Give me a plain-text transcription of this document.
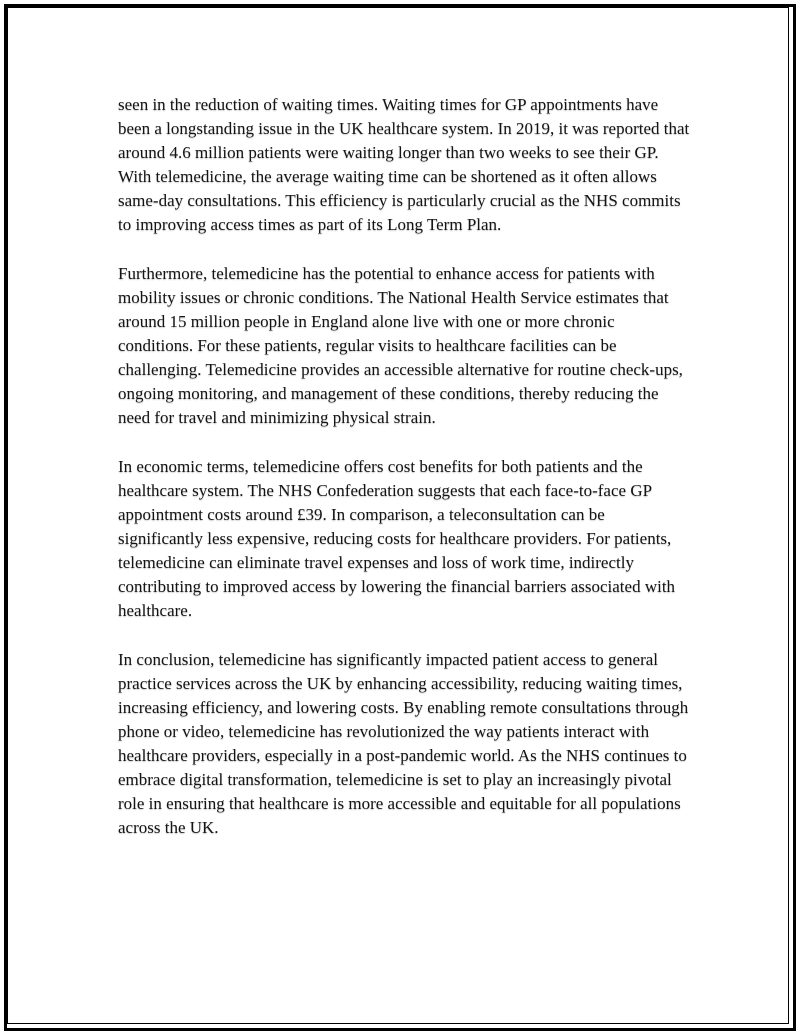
seen in the reduction of waiting times. Waiting times for GP appointments have been a longstanding issue in the UK healthcare system. In 2019, it was reported that around 4.6 million patients were waiting longer than two weeks to see their GP. With telemedicine, the average waiting time can be shortened as it often allows same-day consultations. This efficiency is particularly crucial as the NHS commits to improving access times as part of its Long Term Plan.

Furthermore, telemedicine has the potential to enhance access for patients with mobility issues or chronic conditions. The National Health Service estimates that around 15 million people in England alone live with one or more chronic conditions. For these patients, regular visits to healthcare facilities can be challenging. Telemedicine provides an accessible alternative for routine check-ups, ongoing monitoring, and management of these conditions, thereby reducing the need for travel and minimizing physical strain.

In economic terms, telemedicine offers cost benefits for both patients and the healthcare system. The NHS Confederation suggests that each face-to-face GP appointment costs around £39. In comparison, a teleconsultation can be significantly less expensive, reducing costs for healthcare providers. For patients, telemedicine can eliminate travel expenses and loss of work time, indirectly contributing to improved access by lowering the financial barriers associated with healthcare.

In conclusion, telemedicine has significantly impacted patient access to general practice services across the UK by enhancing accessibility, reducing waiting times, increasing efficiency, and lowering costs. By enabling remote consultations through phone or video, telemedicine has revolutionized the way patients interact with healthcare providers, especially in a post-pandemic world. As the NHS continues to embrace digital transformation, telemedicine is set to play an increasingly pivotal role in ensuring that healthcare is more accessible and equitable for all populations across the UK.
